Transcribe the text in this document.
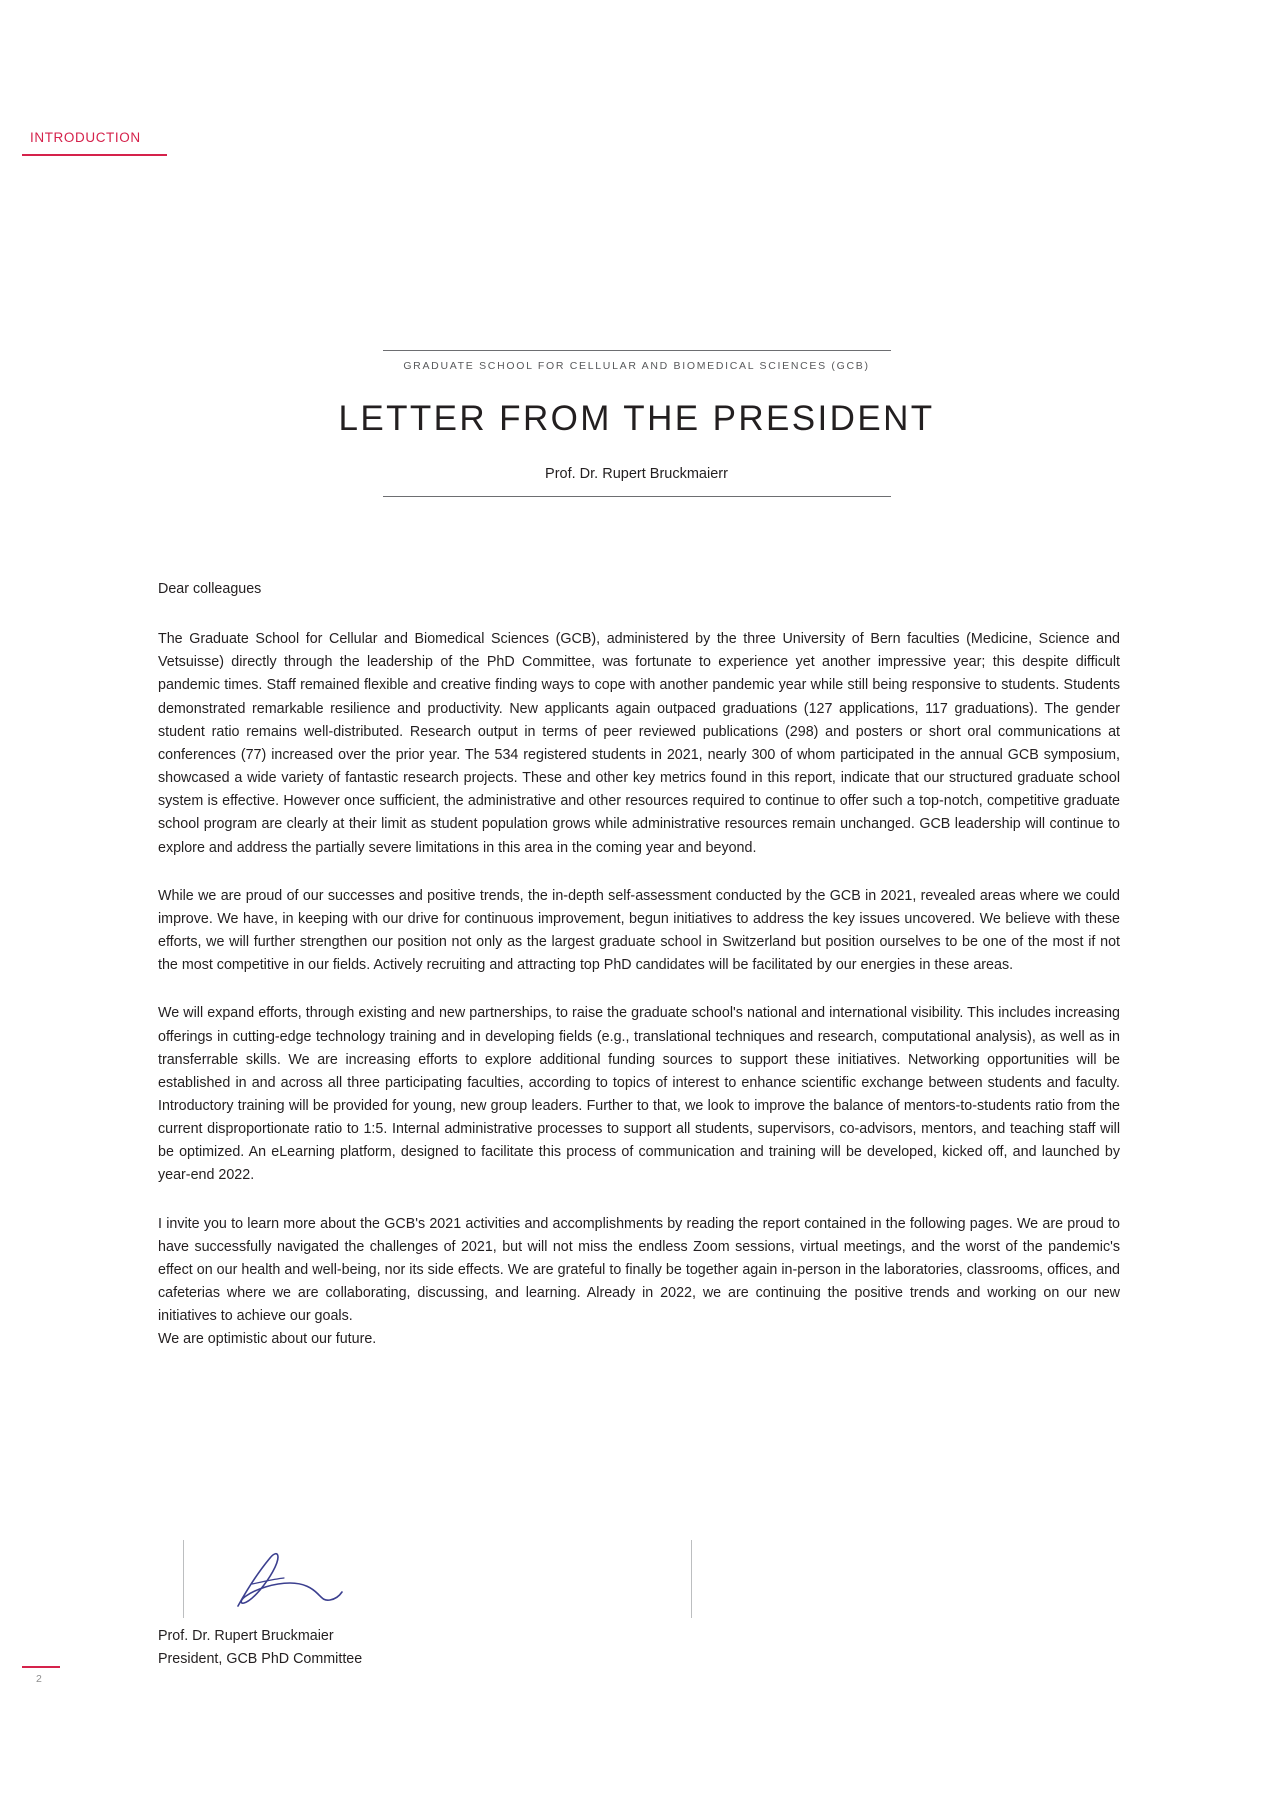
INTRODUCTION
GRADUATE SCHOOL FOR CELLULAR AND BIOMEDICAL SCIENCES (GCB)
LETTER FROM THE PRESIDENT
Prof. Dr. Rupert Bruckmaierr
Dear colleagues

The Graduate School for Cellular and Biomedical Sciences (GCB), administered by the three University of Bern faculties (Medicine, Science and Vetsuisse) directly through the leadership of the PhD Committee, was fortunate to experience yet another impressive year; this despite difficult pandemic times. Staff remained flexible and creative finding ways to cope with another pandemic year while still being responsive to students. Students demonstrated remarkable resilience and productivity. New applicants again outpaced graduations (127 applications, 117 graduations). The gender student ratio remains well-distributed. Research output in terms of peer reviewed publications (298) and posters or short oral communications at conferences (77) increased over the prior year. The 534 registered students in 2021, nearly 300 of whom participated in the annual GCB symposium, showcased a wide variety of fantastic research projects. These and other key metrics found in this report, indicate that our structured graduate school system is effective. However once sufficient, the administrative and other resources required to continue to offer such a top-notch, competitive graduate school program are clearly at their limit as student population grows while administrative resources remain unchanged. GCB leadership will continue to explore and address the partially severe limitations in this area in the coming year and beyond.

While we are proud of our successes and positive trends, the in-depth self-assessment conducted by the GCB in 2021, revealed areas where we could improve. We have, in keeping with our drive for continuous improvement, begun initiatives to address the key issues uncovered. We believe with these efforts, we will further strengthen our position not only as the largest graduate school in Switzerland but position ourselves to be one of the most if not the most competitive in our fields. Actively recruiting and attracting top PhD candidates will be facilitated by our energies in these areas.

We will expand efforts, through existing and new partnerships, to raise the graduate school's national and international visibility. This includes increasing offerings in cutting-edge technology training and in developing fields (e.g., translational techniques and research, computational analysis), as well as in transferrable skills. We are increasing efforts to explore additional funding sources to support these initiatives. Networking opportunities will be established in and across all three participating faculties, according to topics of interest to enhance scientific exchange between students and faculty. Introductory training will be provided for young, new group leaders. Further to that, we look to improve the balance of mentors-to-students ratio from the current disproportionate ratio to 1:5. Internal administrative processes to support all students, supervisors, co-advisors, mentors, and teaching staff will be optimized. An eLearning platform, designed to facilitate this process of communication and training will be developed, kicked off, and launched by year-end 2022.

I invite you to learn more about the GCB's 2021 activities and accomplishments by reading the report contained in the following pages. We are proud to have successfully navigated the challenges of 2021, but will not miss the endless Zoom sessions, virtual meetings, and the worst of the pandemic's effect on our health and well-being, nor its side effects. We are grateful to finally be together again in-person in the laboratories, classrooms, offices, and cafeterias where we are collaborating, discussing, and learning. Already in 2022, we are continuing the positive trends and working on our new initiatives to achieve our goals.
We are optimistic about our future.

Prof. Dr. Rupert Bruckmaier
President, GCB PhD Committee
2
